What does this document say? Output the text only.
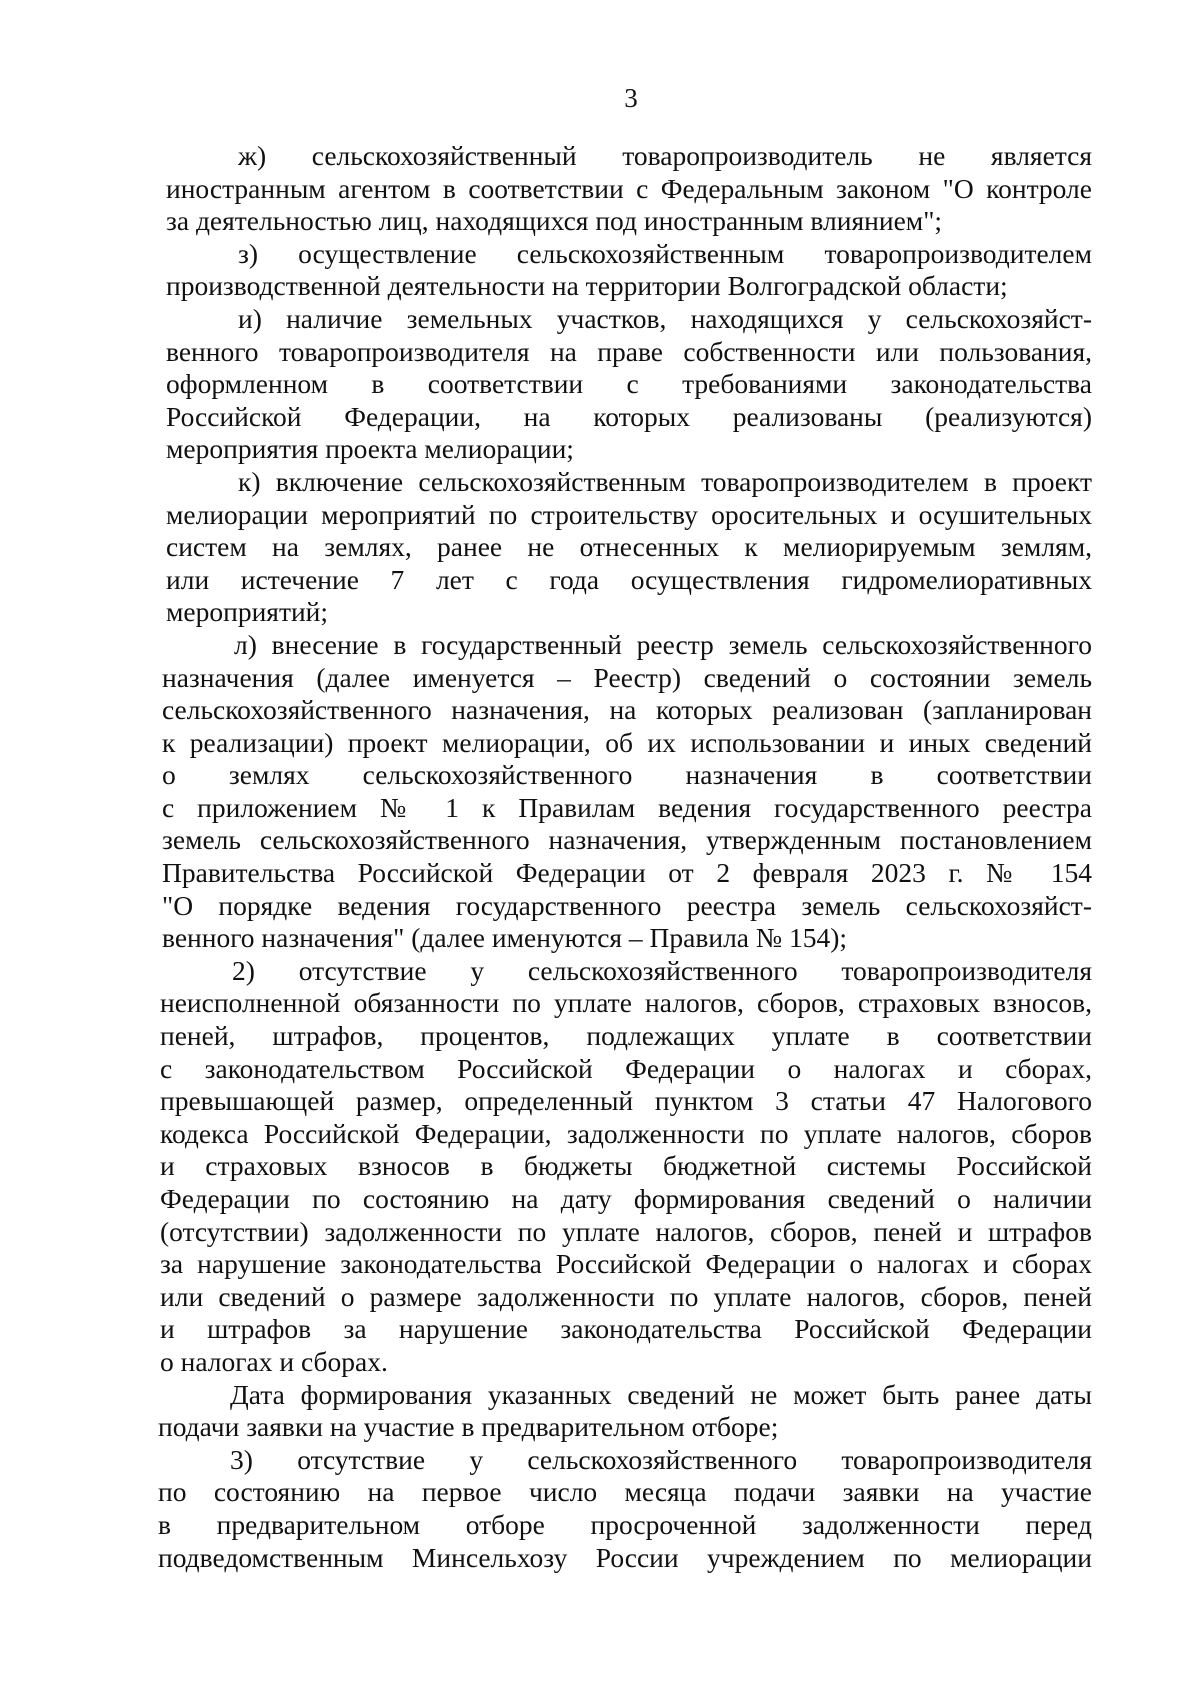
3
ж) сельскохозяйственный товаропроизводитель не является
иностранным агентом в соответствии с Федеральным законом "О контроле
за деятельностью лиц, находящихся под иностранным влиянием";
з) осуществление сельскохозяйственным товаропроизводителем
производственной деятельности на территории Волгоградской области;
и) наличие земельных участков, находящихся у сельскохозяйст-
венного товаропроизводителя на праве собственности или пользования,
оформленном в соответствии с требованиями законодательства
Российской Федерации, на которых реализованы (реализуются)
мероприятия проекта мелиорации;
к) включение сельскохозяйственным товаропроизводителем в проект
мелиорации мероприятий по строительству оросительных и осушительных
систем на землях, ранее не отнесенных к мелиорируемым землям,
или истечение 7 лет с года осуществления гидромелиоративных
мероприятий;
л) внесение в государственный реестр земель сельскохозяйственного
назначения (далее именуется – Реестр) сведений о состоянии земель
сельскохозяйственного назначения, на которых реализован (запланирован
к реализации) проект мелиорации, об их использовании и иных сведений
о землях сельскохозяйственного назначения в соответствии
с приложением № 1 к Правилам ведения государственного реестра
земель сельскохозяйственного назначения, утвержденным постановлением
Правительства Российской Федерации от 2 февраля 2023 г. № 154
"О порядке ведения государственного реестра земель сельскохозяйст-
венного назначения" (далее именуются – Правила № 154);
2) отсутствие у сельскохозяйственного товаропроизводителя
неисполненной обязанности по уплате налогов, сборов, страховых взносов,
пеней, штрафов, процентов, подлежащих уплате в соответствии
с законодательством Российской Федерации о налогах и сборах,
превышающей размер, определенный пунктом 3 статьи 47 Налогового
кодекса Российской Федерации, задолженности по уплате налогов, сборов
и страховых взносов в бюджеты бюджетной системы Российской
Федерации по состоянию на дату формирования сведений о наличии
(отсутствии) задолженности по уплате налогов, сборов, пеней и штрафов
за нарушение законодательства Российской Федерации о налогах и сборах
или сведений о размере задолженности по уплате налогов, сборов, пеней
и штрафов за нарушение законодательства Российской Федерации
о налогах и сборах.
Дата формирования указанных сведений не может быть ранее даты
подачи заявки на участие в предварительном отборе;
3) отсутствие у сельскохозяйственного товаропроизводителя
по состоянию на первое число месяца подачи заявки на участие
в предварительном отборе просроченной задолженности перед
подведомственным Минсельхозу России учреждением по мелиорации
